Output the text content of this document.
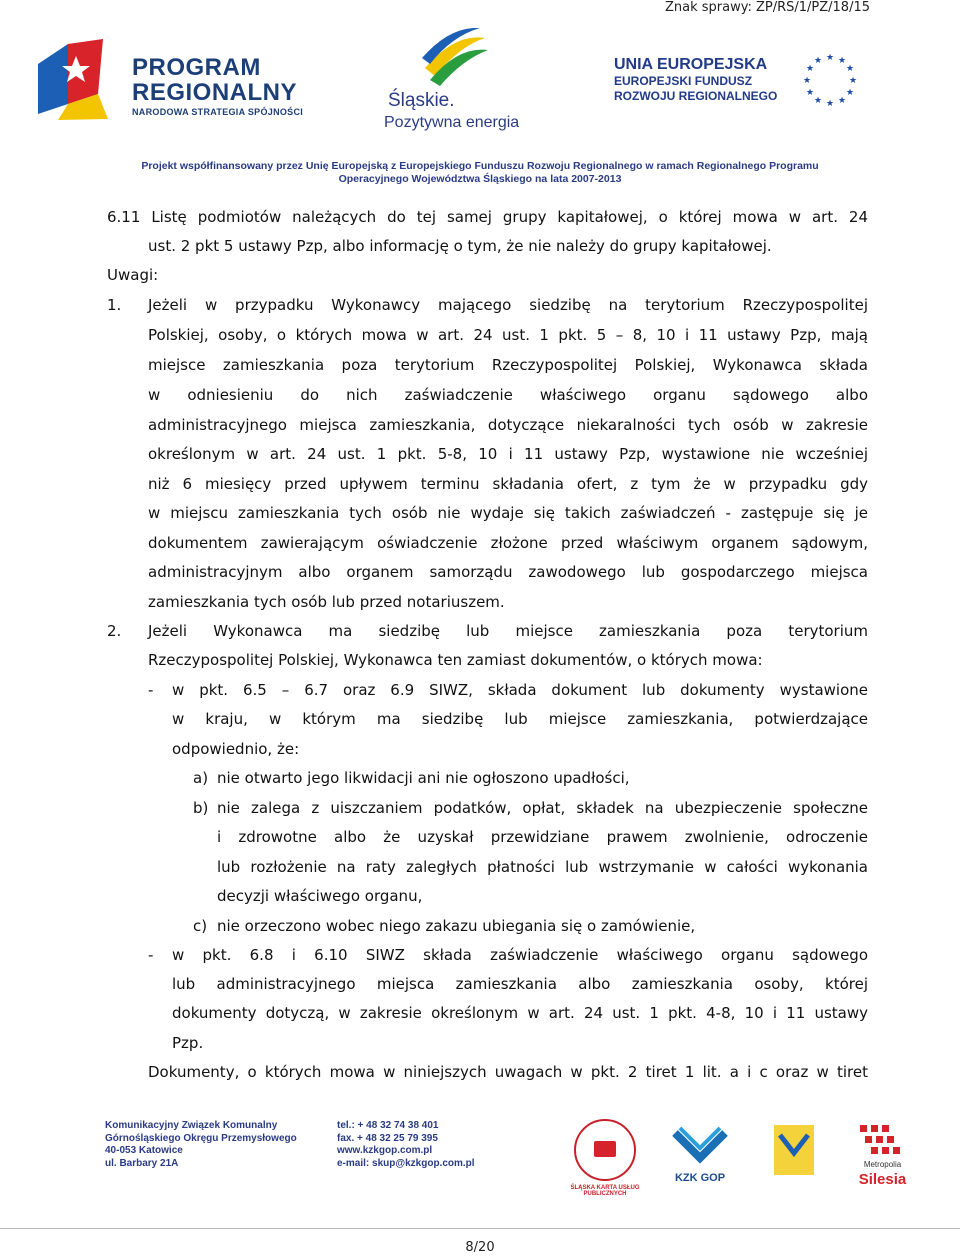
Znak sprawy: ZP/RS/1/PZ/18/15
PROGRAM
REGIONALNY
NARODOWA STRATEGIA SPÓJNOŚCI
Śląskie.
Pozytywna energia
UNIA EUROPEJSKA
EUROPEJSKI FUNDUSZ
ROZWOJU REGIONALNEGO
★ ★
★
★
★
★
★
★
★
★
★
★
Projekt współfinansowany przez Unię Europejską z Europejskiego Funduszu Rozwoju Regionalnego w ramach Regionalnego Programu
Operacyjnego Województwa Śląskiego na lata 2007-2013
6.11 Listę podmiotów należących do tej samej grupy kapitałowej, o której mowa w art. 24
ust. 2 pkt 5 ustawy Pzp, albo informację o tym, że nie należy do grupy kapitałowej.
Uwagi:
1. Jeżeli w przypadku Wykonawcy mającego siedzibę na terytorium Rzeczypospolitej
Polskiej, osoby, o których mowa w art. 24 ust. 1 pkt. 5 – 8, 10 i 11 ustawy Pzp, mają
miejsce zamieszkania poza terytorium Rzeczypospolitej Polskiej, Wykonawca składa
w odniesieniu do nich zaświadczenie właściwego organu sądowego albo
administracyjnego miejsca zamieszkania, dotyczące niekaralności tych osób w zakresie
określonym w art. 24 ust. 1 pkt. 5-8, 10 i 11 ustawy Pzp, wystawione nie wcześniej
niż 6 miesięcy przed upływem terminu składania ofert, z tym że w przypadku gdy
w miejscu zamieszkania tych osób nie wydaje się takich zaświadczeń - zastępuje się je
dokumentem zawierającym oświadczenie złożone przed właściwym organem sądowym,
administracyjnym albo organem samorządu zawodowego lub gospodarczego miejsca
zamieszkania tych osób lub przed notariuszem.
2. Jeżeli Wykonawca ma siedzibę lub miejsce zamieszkania poza terytorium
Rzeczypospolitej Polskiej, Wykonawca ten zamiast dokumentów, o których mowa:
- w pkt. 6.5 – 6.7 oraz 6.9 SIWZ, składa dokument lub dokumenty wystawione
w kraju, w którym ma siedzibę lub miejsce zamieszkania, potwierdzające
odpowiednio, że:
a) nie otwarto jego likwidacji ani nie ogłoszono upadłości,
b) nie zalega z uiszczaniem podatków, opłat, składek na ubezpieczenie społeczne
i zdrowotne albo że uzyskał przewidziane prawem zwolnienie, odroczenie
lub rozłożenie na raty zaległych płatności lub wstrzymanie w całości wykonania
decyzji właściwego organu,
c) nie orzeczono wobec niego zakazu ubiegania się o zamówienie,
- w pkt. 6.8 i 6.10 SIWZ składa zaświadczenie właściwego organu sądowego
lub administracyjnego miejsca zamieszkania albo zamieszkania osoby, której
dokumenty dotyczą, w zakresie określonym w art. 24 ust. 1 pkt. 4-8, 10 i 11 ustawy
Pzp.
Dokumenty, o których mowa w niniejszych uwagach w pkt. 2 tiret 1 lit. a i c oraz w tiret
Komunikacyjny Związek Komunalny
Górnośląskiego Okręgu Przemysłowego
40-053 Katowice
ul. Barbary 21A
tel.: + 48 32 74 38 401
fax. + 48 32 25 79 395
www.kzkgop.com.pl
e-mail: skup@kzkgop.com.pl
ŚLĄSKA KARTA USŁUG PUBLICZNYCH
KZK GOP
Metropolia
Silesia
8/20
